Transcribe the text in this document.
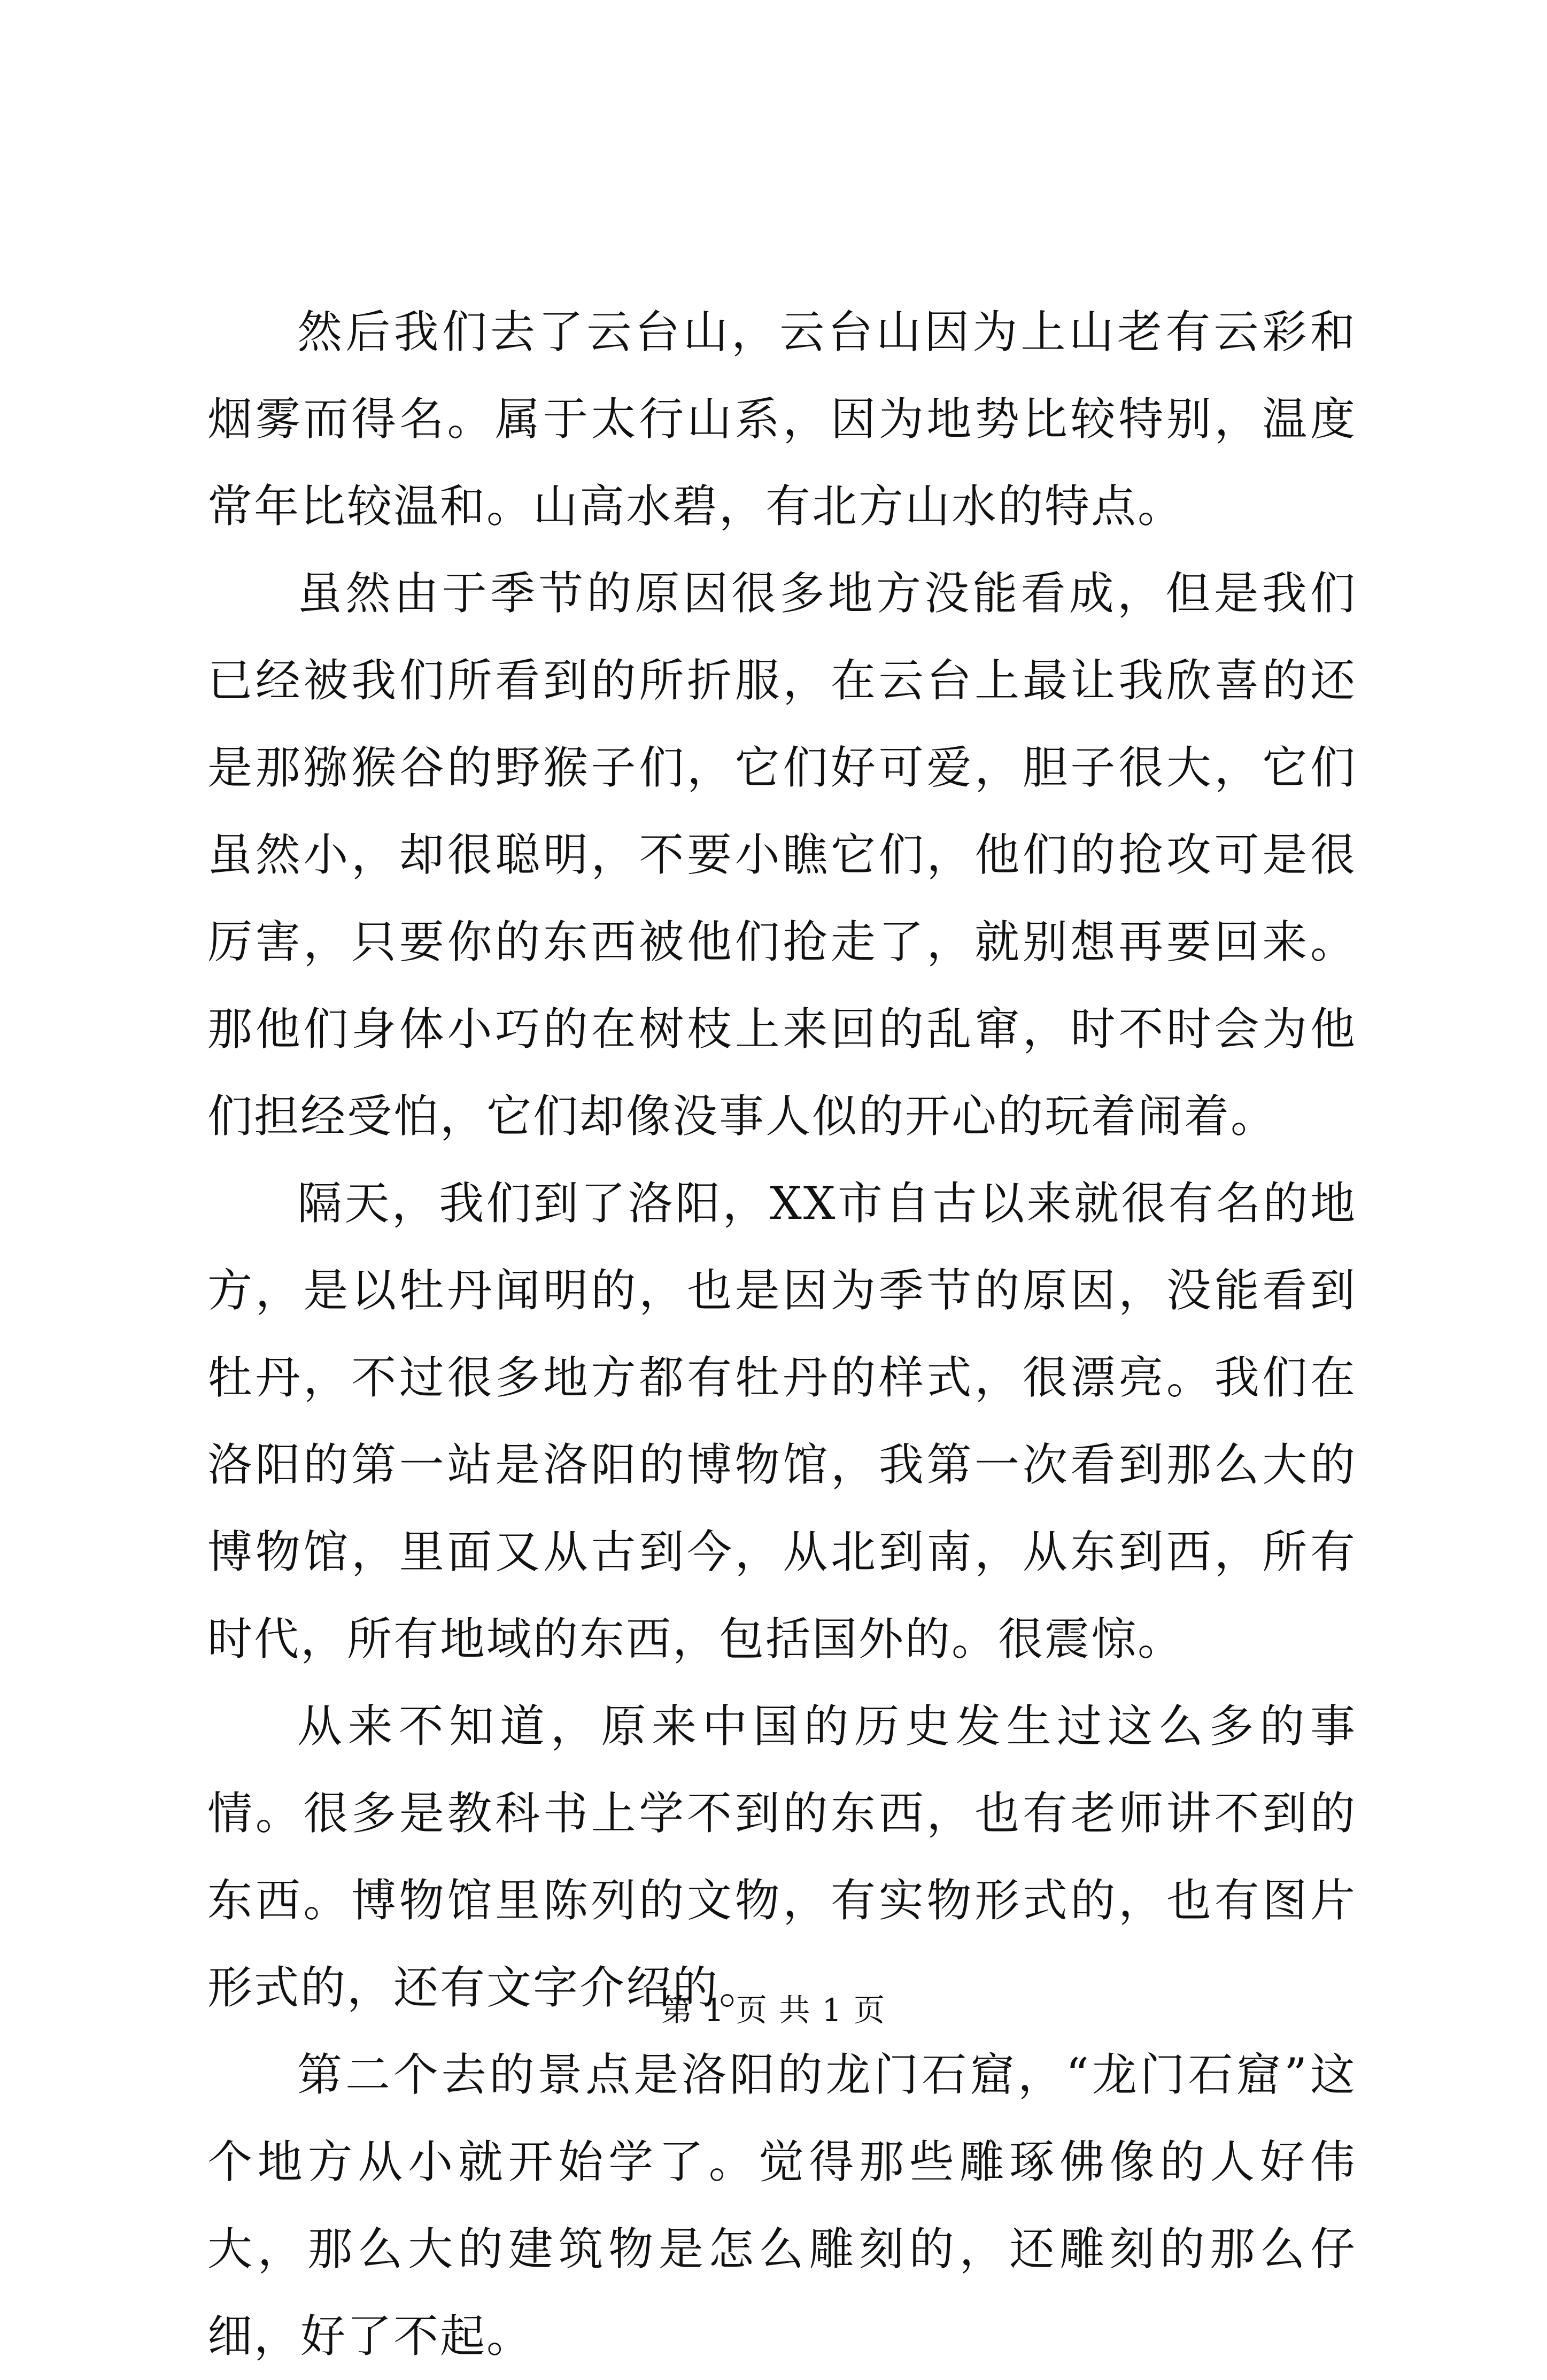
然后我们去了云台山，云台山因为上山老有云彩和烟雾而得名。属于太行山系，因为地势比较特别，温度常年比较温和。山高水碧，有北方山水的特点。

虽然由于季节的原因很多地方没能看成，但是我们已经被我们所看到的所折服，在云台上最让我欣喜的还是那猕猴谷的野猴子们，它们好可爱，胆子很大，它们虽然小，却很聪明，不要小瞧它们，他们的抢攻可是很厉害，只要你的东西被他们抢走了，就别想再要回来。那他们身体小巧的在树枝上来回的乱窜，时不时会为他们担经受怕，它们却像没事人似的开心的玩着闹着。

隔天，我们到了洛阳，XX市自古以来就很有名的地方，是以牡丹闻明的，也是因为季节的原因，没能看到牡丹，不过很多地方都有牡丹的样式，很漂亮。我们在洛阳的第一站是洛阳的博物馆，我第一次看到那么大的博物馆，里面又从古到今，从北到南，从东到西，所有时代，所有地域的东西，包括国外的。很震惊。

从来不知道，原来中国的历史发生过这么多的事情。很多是教科书上学不到的东西，也有老师讲不到的东西。博物馆里陈列的文物，有实物形式的，也有图片形式的，还有文字介绍的。

第二个去的景点是洛阳的龙门石窟，“龙门石窟”这个地方从小就开始学了。觉得那些雕琢佛像的人好伟大，那么大的建筑物是怎么雕刻的，还雕刻的那么仔细，好了不起。

第 1 页 共 1 页
